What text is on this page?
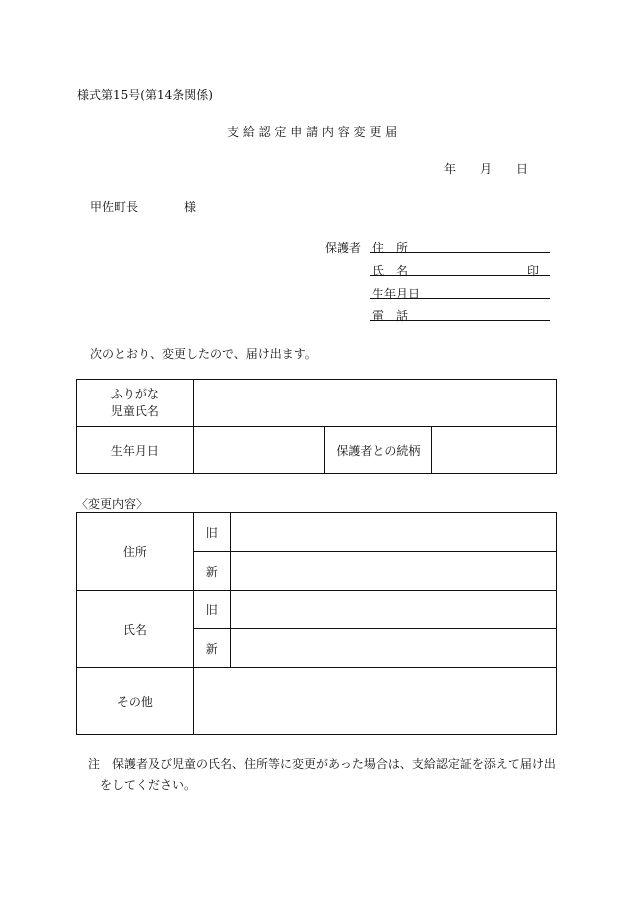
様式第15号(第14条関係)
支 給 認 定 申 請 内 容 変 更 届
年 月 日
甲佐町長	様
保護者 住　所
氏　名	印
生年月日
電　話
次のとおり、変更したので、届け出ます。
ふりがな
児童氏名			

生年月日		保護者との続柄	
〈変更内容〉
住所	旧	
	新	
氏名	旧	
	新	
その他		
注　 保護者及び児童の氏名、住所等に変更があった場合は、支給認定証を添えて届け出
をしてください。
